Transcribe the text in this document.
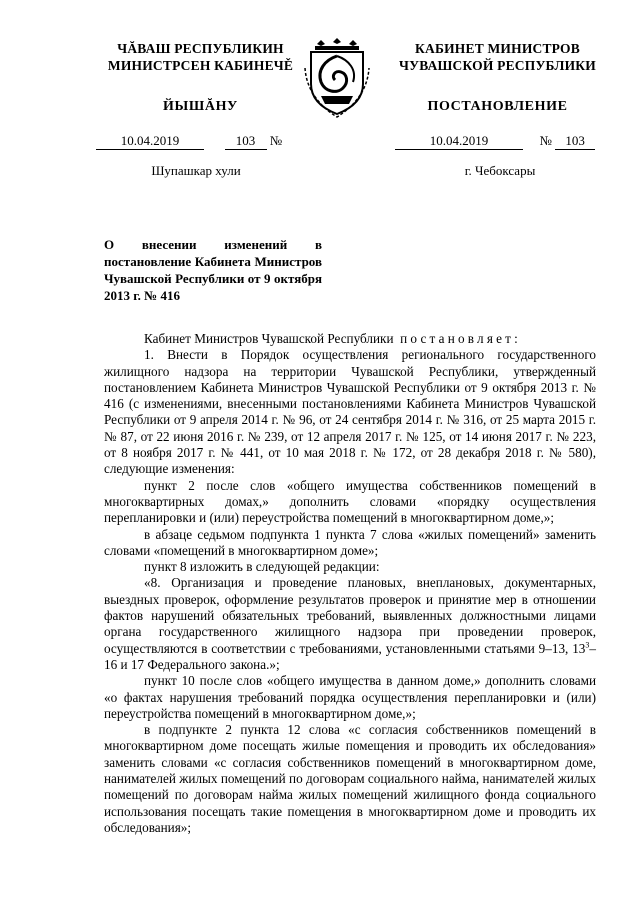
ЧĂВАШ РЕСПУБЛИКИН
МИНИСТРСЕН КАБИНЕЧĚ
ЙЫШĂНУ
КАБИНЕТ МИНИСТРОВ
ЧУВАШСКОЙ РЕСПУБЛИКИ
ПОСТАНОВЛЕНИЕ
10.04.2019	103 №	10.04.2019	№ 103
Шупашкар хули	г. Чебоксары
О внесении изменений в постановление Кабинета Министров Чувашской Республики от 9 октября 2013 г. № 416

Кабинет Министров Чувашской Республики постановляет:

1. Внести в Порядок осуществления регионального государственного жилищного надзора на территории Чувашской Республики, утвержденный постановлением Кабинета Министров Чувашской Республики от 9 октября 2013 г. № 416 (с изменениями, внесенными постановлениями Кабинета Министров Чувашской Республики от 9 апреля 2014 г. № 96, от 24 сентября 2014 г. № 316, от 25 марта 2015 г. № 87, от 22 июня 2016 г. № 239, от 12 апреля 2017 г. № 125, от 14 июня 2017 г. № 223, от 8 ноября 2017 г. № 441, от 10 мая 2018 г. № 172, от 28 декабря 2018 г. № 580), следующие изменения:

пункт 2 после слов «общего имущества собственников помещений в многоквартирных домах,» дополнить словами «порядку осуществления перепланировки и (или) переустройства помещений в многоквартирном доме,»;

в абзаце седьмом подпункта 1 пункта 7 слова «жилых помещений» заменить словами «помещений в многоквартирном доме»;

пункт 8 изложить в следующей редакции:

«8. Организация и проведение плановых, внеплановых, документарных, выездных проверок, оформление результатов проверок и принятие мер в отношении фактов нарушений обязательных требований, выявленных должностными лицами органа государственного жилищного надзора при проведении проверок, осуществляются в соответствии с требованиями, установленными статьями 9–13, $13^3-16$ и 17 Федерального закона.»;

пункт 10 после слов «общего имущества в данном доме,» дополнить словами «о фактах нарушения требований порядка осуществления перепланировки и (или) переустройства помещений в многоквартирном доме,»;

в подпункте 2 пункта 12 слова «с согласия собственников помещений в многоквартирном доме посещать жилые помещения и проводить их обследования» заменить словами «с согласия собственников помещений в многоквартирном доме, нанимателей жилых помещений по договорам социального найма, нанимателей жилых помещений по договорам найма жилых помещений жилищного фонда социального использования посещать такие помещения в многоквартирном доме и проводить их обследования»;
